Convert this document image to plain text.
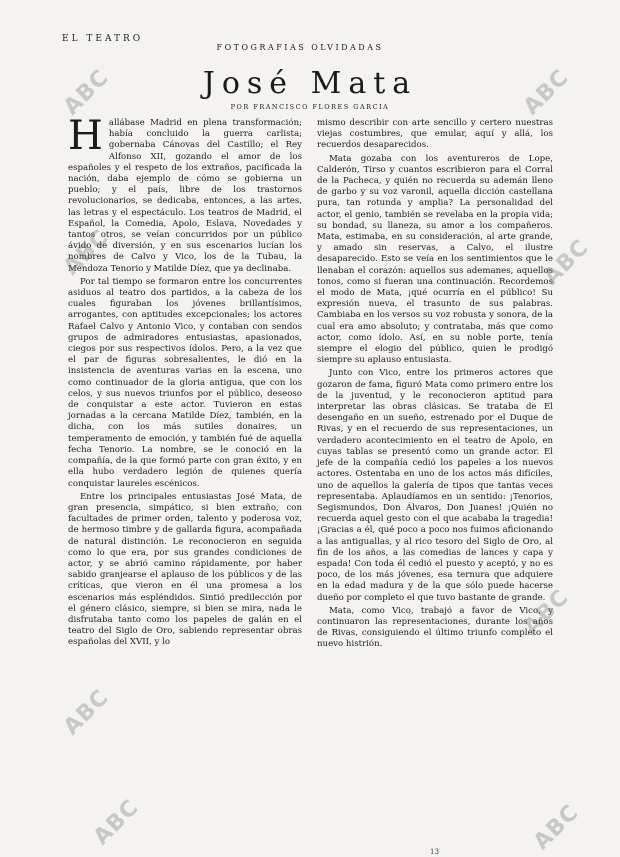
EL TEATRO
FOTOGRAFIAS OLVIDADAS
José Mata
POR FRANCISCO FLORES GARCIA

Hallábase Madrid en plena transformación; había concluido la guerra carlista; gobernaba Cánovas del Castillo; el Rey Alfonso XII, gozando el amor de los españoles y el respeto de los extraños, pacificada la nación, daba ejemplo de cómo se gobierna un pueblo; y el país, libre de los trastornos revolucionarios, se dedicaba, entonces, a las artes, las letras y el espectáculo. Los teatros de Madrid, el Español, la Comedia, Apolo, Eslava, Novedades y tantos otros, se veían concurridos por un público ávido de diversión, y en sus escenarios lucían los nombres de Calvo y Vico, los de la Tubau, la Mendoza Tenorio y Matilde Díez, que ya declinaba.

Por tal tiempo se formaron entre los concurrentes asiduos al teatro dos partidos, a la cabeza de los cuales figuraban los jóvenes brillantísimos, arrogantes, con aptitudes excepcionales; los actores Rafael Calvo y Antonio Vico, y contaban con sendos grupos de admiradores entusiastas, apasionados, ciegos por sus respectivos ídolos. Pero, a la vez que el par de figuras sobresalientes, le dió en la insistencia de aventuras varias en la escena, uno como continuador de la gloria antigua, que con los celos, y sus nuevos triunfos por el público, deseoso de conquistar a este actor. Tuvieron en estas jornadas a la cercana Matilde Díez, también, en la dicha, con los más sutiles donaires, un temperamento de emoción, y también fué de aquella fecha Tenorio. La nombre, se le conoció en la compañía, de la que formó parte con gran éxito, y en ella hubo verdadero legión de quienes quería conquistar laureles escénicos.

Entre los principales entusiastas José Mata, de gran presencia, simpático, si bien extraño, con facultades de primer orden, talento y poderosa voz, de hermoso timbre y de gallarda figura, acompañada de natural distinción. Le reconocieron en seguida como lo que era, por sus grandes condiciones de actor, y se abrió camino rápidamente, por haber sabido granjearse el aplauso de los públicos y de las críticas, que vieron en él una promesa a los escenarios más espléndidos. Sintió predilección por el género clásico, siempre, si bien se mira, nada le disfrutaba tanto como los papeles de galán en el teatro del Siglo de Oro, sabiendo representar obras españolas del XVII, y lo

mismo describir con arte sencillo y certero nuestras viejas costumbres, que emular, aquí y allá, los recuerdos desaparecidos.

Mata gozaba con los aventureros de Lope, Calderón, Tirso y cuantos escribieron para el Corral de la Pacheca, y quién no recuerda su ademán lleno de garbo y su voz varonil, aquella dicción castellana pura, tan rotunda y amplia? La personalidad del actor, el genio, también se revelaba en la propia vida; su bondad, su llaneza, su amor a los compañeros. Mata, estimaba, en su consideración, al arte grande, y amado sin reservas, a Calvo, el ilustre desaparecido. Esto se veía en los sentimientos que le llenaban el corazón: aquellos sus ademanes, aquellos tonos, como si fueran una continuación. Recordemos el modo de Mata, ¡qué ocurría en el público! Su expresión nueva, el trasunto de sus palabras. Cambiaba en los versos su voz robusta y sonora, de la cual era amo absoluto; y contrataba, más que como actor, como ídolo. Así, en su noble porte, tenía siempre el elogio del público, quien le prodigó siempre su aplauso entusiasta.

Junto con Vico, entre los primeros actores que gozaron de fama, figuró Mata como primero entre los de la juventud, y le reconocieron aptitud para interpretar las obras clásicas. Se trataba de El desengaño en un sueño, estrenado por el Duque de Rivas, y en el recuerdo de sus representaciones, un verdadero acontecimiento en el teatro de Apolo, en cuyas tablas se presentó como un grande actor. El jefe de la compañía cedió los papeles a los nuevos actores. Ostentaba en uno de los actos más difíciles, uno de aquellos la galería de tipos que tantas veces representaba. Aplaudíamos en un sentido: ¡Tenorios, Segismundos, Don Álvaros, Don Juanes! ¡Quién no recuerda aquel gesto con el que acababa la tragedia! ¡Gracias a él, qué poco a poco nos fuimos aficionando a las antiguallas, y al rico tesoro del Siglo de Oro, al fin de los años, a las comedias de lances y capa y espada! Con toda él cedió el puesto y aceptó, y no es poco, de los más jóvenes, esa ternura que adquiere en la edad madura y de la que sólo puede hacerse dueño por completo el que tuvo bastante de grande.

Mata, como Vico, trabajó a favor de Vico, y continuaron las representaciones, durante los años de Rivas, consiguiendo el último triunfo completo el nuevo histrión.

13
ABC	ABC
ABC	ABC
ABC
ABC
ABC	ABC
